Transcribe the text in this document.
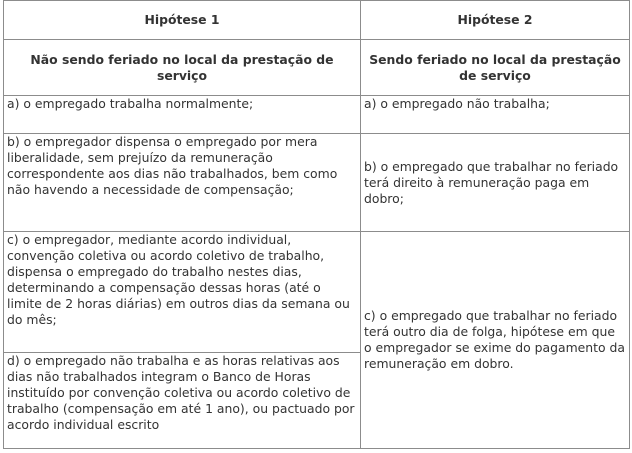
Hipótese 1	Hipótese 2

Não sendo feriado no local da prestação de serviço	Sendo feriado no local da prestação de serviço

a) o empregado trabalha normalmente;	a) o empregado não trabalha;

b) o empregador dispensa o empregado por mera liberalidade, sem prejuízo da remuneração correspondente aos dias não trabalhados, bem como não havendo a necessidade de compensação;	b) o empregado que trabalhar no feriado terá direito à remuneração paga em dobro;

c) o empregador, mediante acordo individual, convenção coletiva ou acordo coletivo de trabalho, dispensa o empregado do trabalho nestes dias, determinando a compensação dessas horas (até o limite de 2 horas diárias) em outros dias da semana ou do mês;	c) o empregado que trabalhar no feriado terá outro dia de folga, hipótese em que o empregador se exime do pagamento da remuneração em dobro.

d) o empregado não trabalha e as horas relativas aos dias não trabalhados integram o Banco de Horas instituído por convenção coletiva ou acordo coletivo de trabalho (compensação em até 1 ano), ou pactuado por acordo individual escrito	
